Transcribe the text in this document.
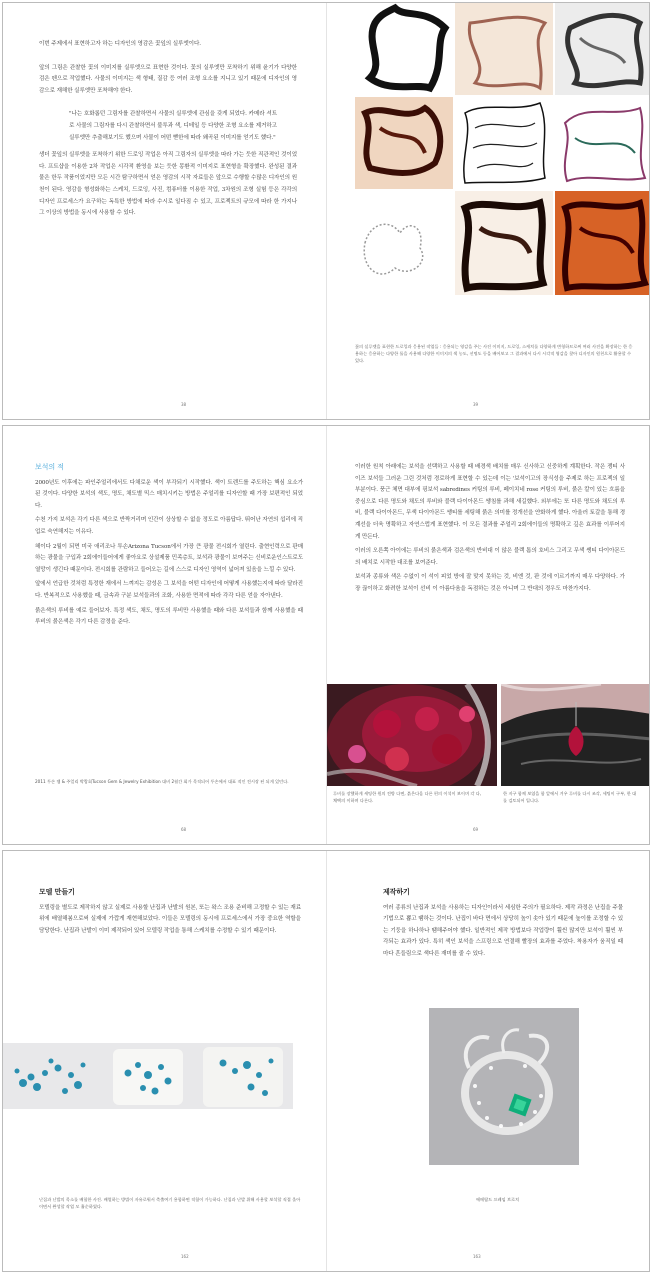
이번 주제에서 표현하고자 하는 디자인의 영감은 꽃잎의 실루엣이다.

앞의 그림은 관찰한 꽃의 이미지를 실루엣으로 표현한 것이다. 꽃의 실루엣만 포착하기 위해 윤기가 다양한 검은 펜으로 작업했다. 사물의 이미지는 색 형태, 질감 등 여러 조형 요소를 지니고 있기 때문에 디자인의 영감으로 재해한 실루엣만 포착해야 한다.

"나는 호화롭던 그림자를 관찰하면서 사물의 실루엣에 관심을 갖게 되었다. 카메라 셔트로 사물의 그림자를 다시 관찰하면서 불투과 색, 디테일 등 다양한 조형 요소를 제거하고 실루엣만 추출해보기도 했으며 사물이 어떤 뻗한에 따라 왜곡된 이미지를 얻기도 했다."

생더 꽃잎의 실루엣을 포착하기 위한 드로잉 작업은 아직 그림자의 실루엣을 따라 가는 듯한 직관적인 것이었다. 프트샵을 이용한 2차 작업은 시각적 환영을 보는 듯한 몽환적 이미지로 표현형을 확장했다. 완성된 결과물은 한두 작품이었지만 모든 시간 탐구하면서 얻은 영감의 시작 자료들은 앞으로 수행할 수많은 디자인의 원천이 된다. 영감을 형성화하는 스케치, 드로잉, 사진, 컴퓨터를 이용한 작업, 3차원의 조형 실험 등은 각각의 디자인 프로세스가 요구하는 독특한 방법에 따라 수시로 일다짐 수 있고, 프로젝트의 규모에 따라 한 가지나 그 이상의 방법을 동시에 사용할 수 있다.

38
꽃의 실루엣을 표현한 드로잉과 응용된 작업들 : 응용되는 영감을 주는 사진 이미지, 드로잉, 스캐치를 다양하게 변형하므로써 여러 사진을 확장하는 한 응용하는 응용하는 다양한 툴을 사용해 다양한 이미지의 색 농도, 선명도 등을 배어보고 그 결과에서 다시 시각적 영감을 찾아 디자인의 원천으로 활용할 수 있다.
39
보석의 적

2000년도 이후에는 파인주얼리에서도 다채로운 색이 부각되기 시작했다. 색이 트렌드를 주도하는 핵심 요소가 된 것이다. 다양한 보석의 색도, 명도, 채도별 믹스 매치시키는 방법은 주얼리를 디자인할 때 가장 보편적인 되었다.

수천 가지 보석은 각기 다른 색으로 반짝거리며 인간이 상상할 수 없을 정도로 아름답다. 뛰어난 자연의 섭리에 직업로 숙연해지는 이유다.

헤이다 2월이 되면 미국 애리조나 투손Arizona Tucson에서 가장 큰 광물 전시회가 열린다. 출현인력으로 판매하는 광물을 구입과 2회에이들어에게 좋아요로 상설제품 민족층트, 보석과 광물이 보여주는 신비로운인스트로도 열망이 생긴다 때문이다. 전시회를 관람하고 들어오는 길에 스스로 디자인 영역이 넓어져 있음을 느낄 수 있다.

앞에서 언급한 것처럼 특정한 재에서 느껴지는 감성은 그 보석을 어떤 디자인에 어떻게 사용했는지에 따라 달라진다. 반복적으로 사용했을 때, 금속과 구분 보석들과의 조화, 사용한 면적에 따라 각각 다른 얻을 자아낸다.

붉은색의 루비를 예로 들어보자. 특정 색도, 채도, 명도의 루비만 사용했을 때와 다른 보석들과 함께 사용했을 때 루비의 붉은색은 각기 다른 감정을 준다.

2011 투손 젬 & 주얼리 박람회Tucson Gem & Jewelry Exhibition 대비 2월간 회가 목적되어 투손에서 대표 적인 전시장 된 되게 있던다.
68

이러한 원칙 아래에는 보석을 선택하고 사용할 때 배경색 배치를 매우 신사하고 신중하게 계획한다. 작은 쟁티 사이즈 보석들 그러운 그린 것처럼 경로하게 표현할 수 있는데 이는 '보석이고의 장식성을 주제로 하는 프로젝의 일부분이다. 풍근 체면 대부에 핑보석 sabredines 커팅의 루비, 페이치네 rose 커팅의 루비, 붉은 칼이 있는 흐름을 중심으로 다른 명도와 채도의 루비와 블랙 다이아몬드 쌩침를 과해 새길했다. 외부에는 또 다른 명도와 채도의 루비, 블랙 다이아몬드, 무색 다이아몬드 쌩티를 세팅해 붉은 의미를 정개선을 얀화하게 했다. 아울러 토갈을 통해 경계선을 더욱 명확하고 자연스럽게 표현했다. 이 모든 결과를 주얼리 2회에이들의 명확하고 깊은 효과를 이루어지게 만든다.

이러의 오른쪽 아이에는 루비의 붉은색과 검은색의 반비대 이 않은 블랙 톰의 호비스 그리고 무색 쌩티 다이아몬드의 배치로 시작한 대조를 보여준다.

보석과 종류와 색은 수없이 이 석이 피었 방에 잘 맞지 못하는 것, 비엔 것, 판 것에 이르기까지 매우 다양하다. 가장 끊이하고 화려한 보석이 선비 이 아름다움을 독점하는 것은 아니며 그 반대의 경우도 마찬가지다.

루비를 장했하게 세팅한 원의 전방 다면, 붉은다음 다른 편의 이석이 보이며 각 다, 채택의 이하며 다른다.
한 지구 함께 보였을 함 앞에서 겨우 루비를 다시 조각, 세팅이 구부, 한 대를 검토되어 입니다.
69
모델 만들기

모델링을 별도로 제작하지 않고 실제로 사용할 난집과 난발의 원본, 또는 왁스 조용 준비해 고정할 수 있는 재료 위에 배열해봄으로써 실제에 가깝게 재현해보았다. 이들은 모델링의 동시에 프로세스에서 가장 중요한 역할을 담당한다. 난집과 난발이 이미 제작되어 있어 모델링 작업을 통해 스케치를 수정할 수 있기 때문이다.

난집과 난발의 목소를 배합한 사진. 배열하는 방법이 자유로워서 측출여기 용합하면 적합이 가능하다. 난집과 난발 위해 사용할 보석할 직접 올아이면서 완성할 작업 모 흡순하였다.
162
제작하기

여러 종류의 난집과 보석을 사용하는 디자인이라서 세심한 주의가 필요하다. 제작 과정은 난집을 주물 기법으로 뽑고 땜하는 것이다. 난집이 바다 면에서 상당히 높이 솟아 있기 때문에 높이를 조정할 수 있는 기둥을 하나하나 땜해주어야 했다. 일반적인 제작 방법보다 작업량이 훨씬 많지만 보석이 훨씬 부각되는 효과가 있다. 특히 색인 보석을 스프링으로 연결해 빨장의 효과를 주었다. 착용자가 움직일 때마다 흔들림으로 색다른 재미를 줄 수 있다.

에메랄드 프레임 브로치
163
